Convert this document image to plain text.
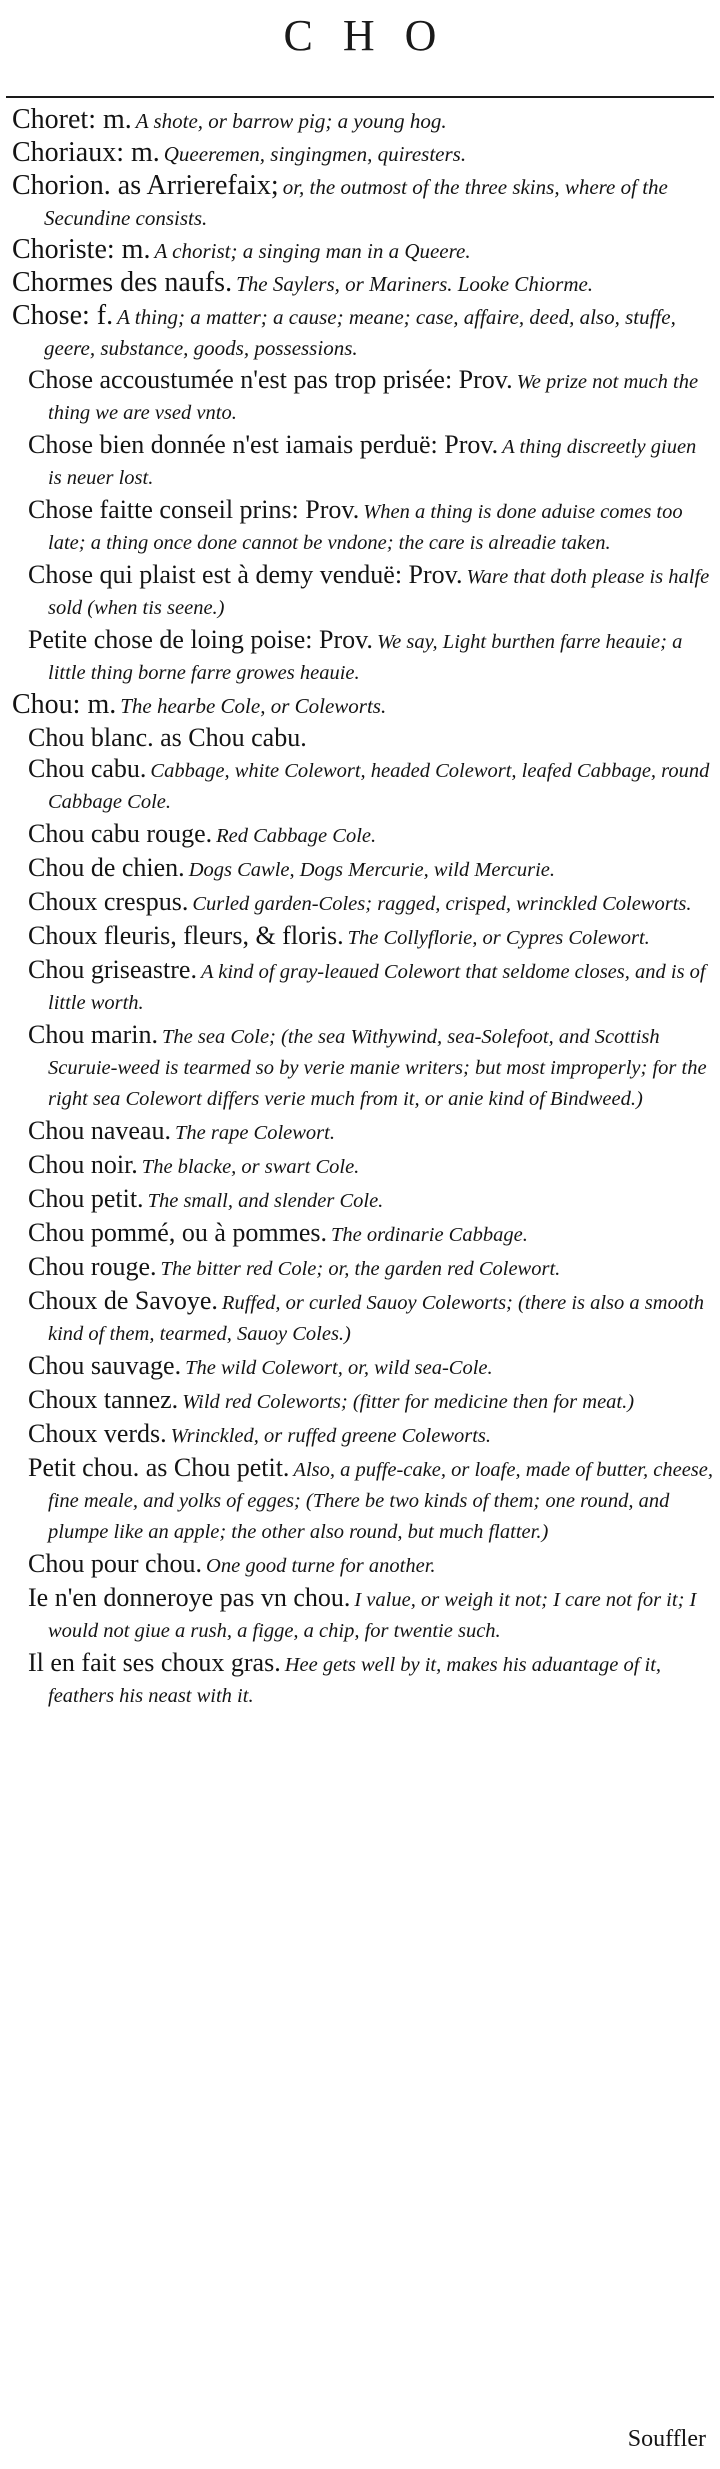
CHO

Choret: m. A shote, or barrow pig; a young hog.

Choriaux: m. Queeremen, singingmen, quiresters.

Chorion. as Arrierefaix; or, the outmost of the three skins, where of the Secundine consists.

Choriste: m. A chorist; a singing man in a Queere.

Chormes des naufs. The Saylers, or Mariners. Looke Chiorme.

Chose: f. A thing; a matter; a cause; meane; case, affaire, deed, also, stuffe, geere, substance, goods, possessions.

Chose accoustumée n'est pas trop prisée: Prov. We prize not much the thing we are vsed vnto.

Chose bien donnée n'est iamais perduë: Prov. A thing discreetly giuen is neuer lost.

Chose faitte conseil prins: Prov. When a thing is done aduise comes too late; a thing once done cannot be vndone; the care is alreadie taken.

Chose qui plaist est à demy venduë: Prov. Ware that doth please is halfe sold (when tis seene.)

Petite chose de loing poise: Prov. We say, Light burthen farre heauie; a little thing borne farre growes heauie.

Chou: m. The hearbe Cole, or Coleworts.

Chou blanc. as Chou cabu.

Chou cabu. Cabbage, white Colewort, headed Colewort, leafed Cabbage, round Cabbage Cole.

Chou cabu rouge. Red Cabbage Cole.

Chou de chien. Dogs Cawle, Dogs Mercurie, wild Mercurie.

Choux crespus. Curled garden-Coles; ragged, crisped, wrinckled Coleworts.

Choux fleuris, fleurs, & floris. The Collyflorie, or Cypres Colewort.

Chou griseastre. A kind of gray-leaued Colewort that seldome closes, and is of little worth.

Chou marin. The sea Cole; (the sea Withywind, sea-Solefoot, and Scottish Scuruie-weed is tearmed so by verie manie writers; but most improperly; for the right sea Colewort differs verie much from it, or anie kind of Bindweed.)

Chou naveau. The rape Colewort.

Chou noir. The blacke, or swart Cole.

Chou petit. The small, and slender Cole.

Chou pommé, ou à pommes. The ordinarie Cabbage.

Chou rouge. The bitter red Cole; or, the garden red Colewort.

Choux de Savoye. Ruffed, or curled Sauoy Coleworts; (there is also a smooth kind of them, tearmed, Sauoy Coles.)

Chou sauvage. The wild Colewort, or, wild sea-Cole.

Choux tannez. Wild red Coleworts; (fitter for medicine then for meat.)

Choux verds. Wrinckled, or ruffed greene Coleworts.

Petit chou. as Chou petit. Also, a puffe-cake, or loafe, made of butter, cheese, fine meale, and yolks of egges; (There be two kinds of them; one round, and plumpe like an apple; the other also round, but much flatter.)

Chou pour chou. One good turne for another.

Ie n'en donneroye pas vn chou. I value, or weigh it not; I care not for it; I would not giue a rush, a figge, a chip, for twentie such.

Il en fait ses choux gras. Hee gets well by it, makes his aduantage of it, feathers his neast with it.

Souffler
